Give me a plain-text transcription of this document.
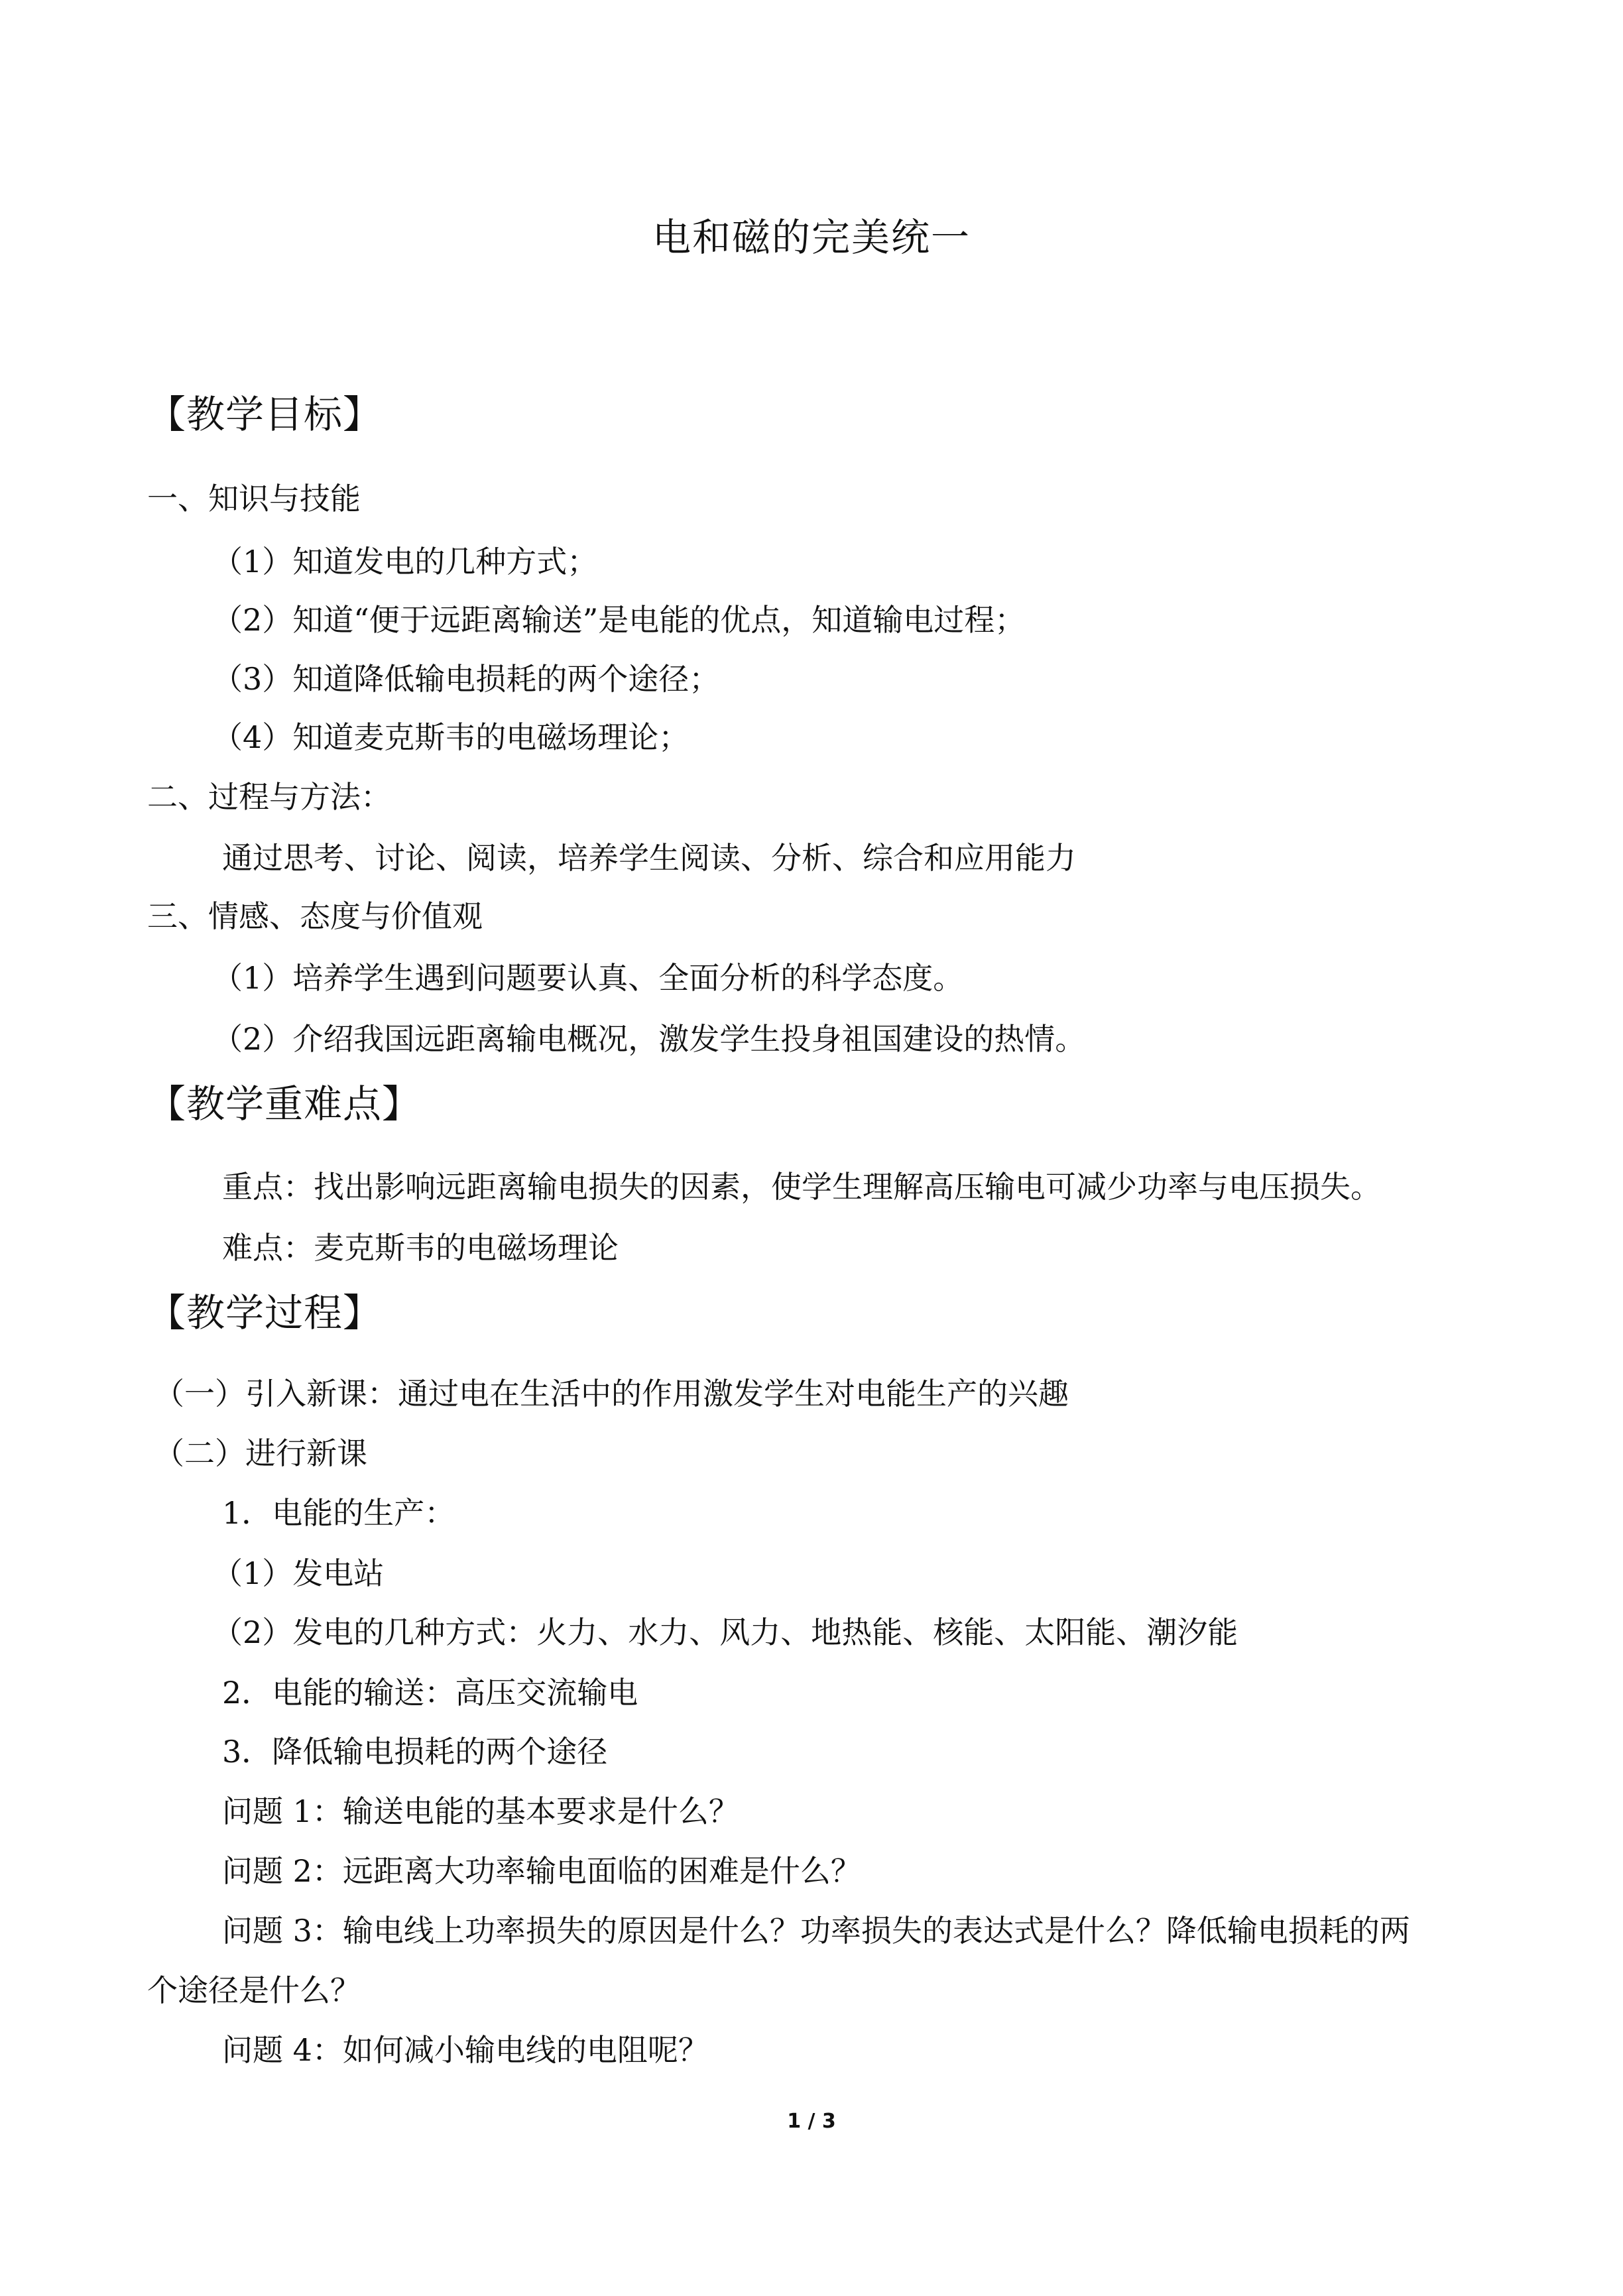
电和磁的完美统一
【教学目标】
一、知识与技能
（1）知道发电的几种方式；
（2）知道“便于远距离输送”是电能的优点，知道输电过程；
（3）知道降低输电损耗的两个途径；
（4）知道麦克斯韦的电磁场理论；
二、过程与方法：
通过思考、讨论、阅读，培养学生阅读、分析、综合和应用能力
三、情感、态度与价值观
（1）培养学生遇到问题要认真、全面分析的科学态度。
（2）介绍我国远距离输电概况，激发学生投身祖国建设的热情。
【教学重难点】
重点：找出影响远距离输电损失的因素，使学生理解高压输电可减少功率与电压损失。
难点：麦克斯韦的电磁场理论
【教学过程】
（一）引入新课：通过电在生活中的作用激发学生对电能生产的兴趣
（二）进行新课
1．电能的生产：
（1）发电站
（2）发电的几种方式：火力、水力、风力、地热能、核能、太阳能、潮汐能
2．电能的输送：高压交流输电
3．降低输电损耗的两个途径
问题 1：输送电能的基本要求是什么？
问题 2：远距离大功率输电面临的困难是什么？
问题 3：输电线上功率损失的原因是什么？功率损失的表达式是什么？降低输电损耗的两
个途径是什么？
问题 4：如何减小输电线的电阻呢？
1 / 3
